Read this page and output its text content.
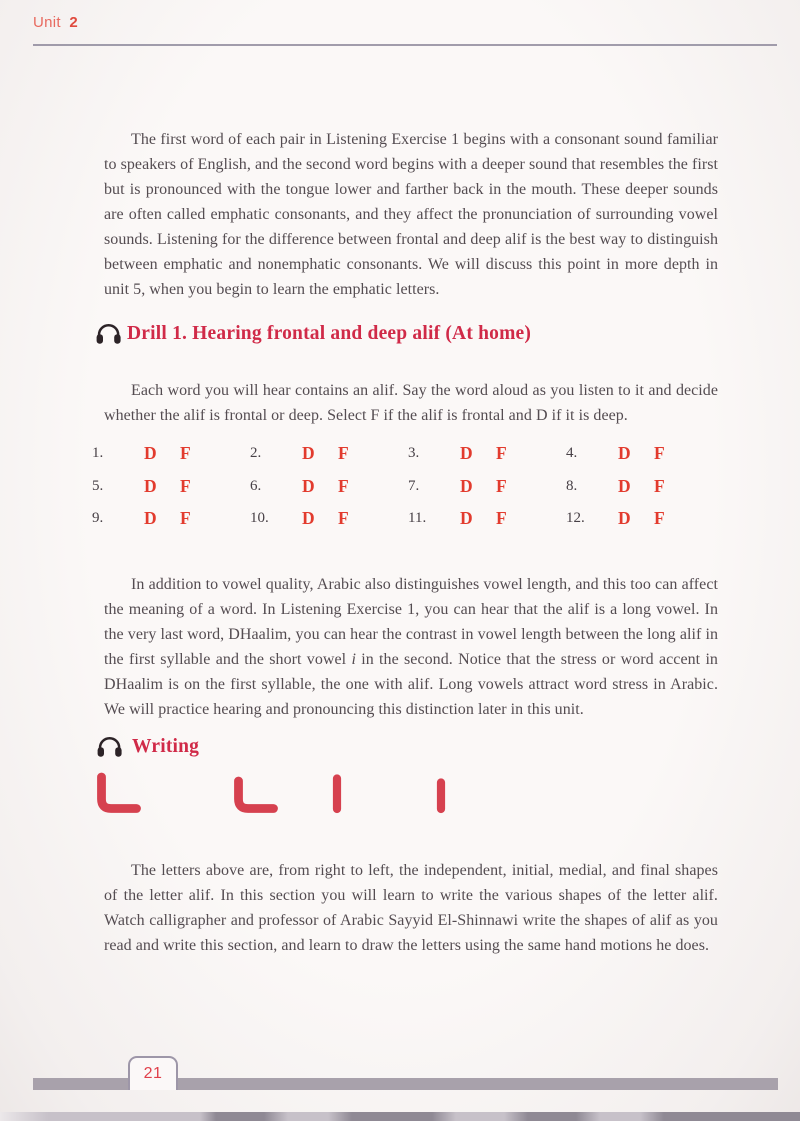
Unit 2

The first word of each pair in Listening Exercise 1 begins with a consonant sound familiar to speakers of English, and the second word begins with a deeper sound that resembles the first but is pronounced with the tongue lower and farther back in the mouth. These deeper sounds are often called emphatic consonants, and they affect the pronunciation of surrounding vowel sounds. Listening for the difference between frontal and deep alif is the best way to distinguish between emphatic and nonemphatic consonants. We will discuss this point in more depth in unit 5, when you begin to learn the emphatic letters.

Drill 1. Hearing frontal and deep alif (At home)

Each word you will hear contains an alif. Say the word aloud as you listen to it and decide whether the alif is frontal or deep. Select F if the alif is frontal and D if it is deep.

1. D F	2. D F	3. D F	4. D F
5. D F	6. D F	7. D F	8. D F
9. D F	10. D F	11. D F	12. D F

In addition to vowel quality, Arabic also distinguishes vowel length, and this too can affect the meaning of a word. In Listening Exercise 1, you can hear that the alif is a long vowel. In the very last word, DHaalim, you can hear the contrast in vowel length between the long alif in the first syllable and the short vowel i in the second. Notice that the stress or word accent in DHaalim is on the first syllable, the one with alif. Long vowels attract word stress in Arabic. We will practice hearing and pronouncing this distinction later in this unit.

Writing

The letters above are, from right to left, the independent, initial, medial, and final shapes of the letter alif. In this section you will learn to write the various shapes of the letter alif. Watch calligrapher and professor of Arabic Sayyid El-Shinnawi write the shapes of alif as you read and write this section, and learn to draw the letters using the same hand motions he does.

21
